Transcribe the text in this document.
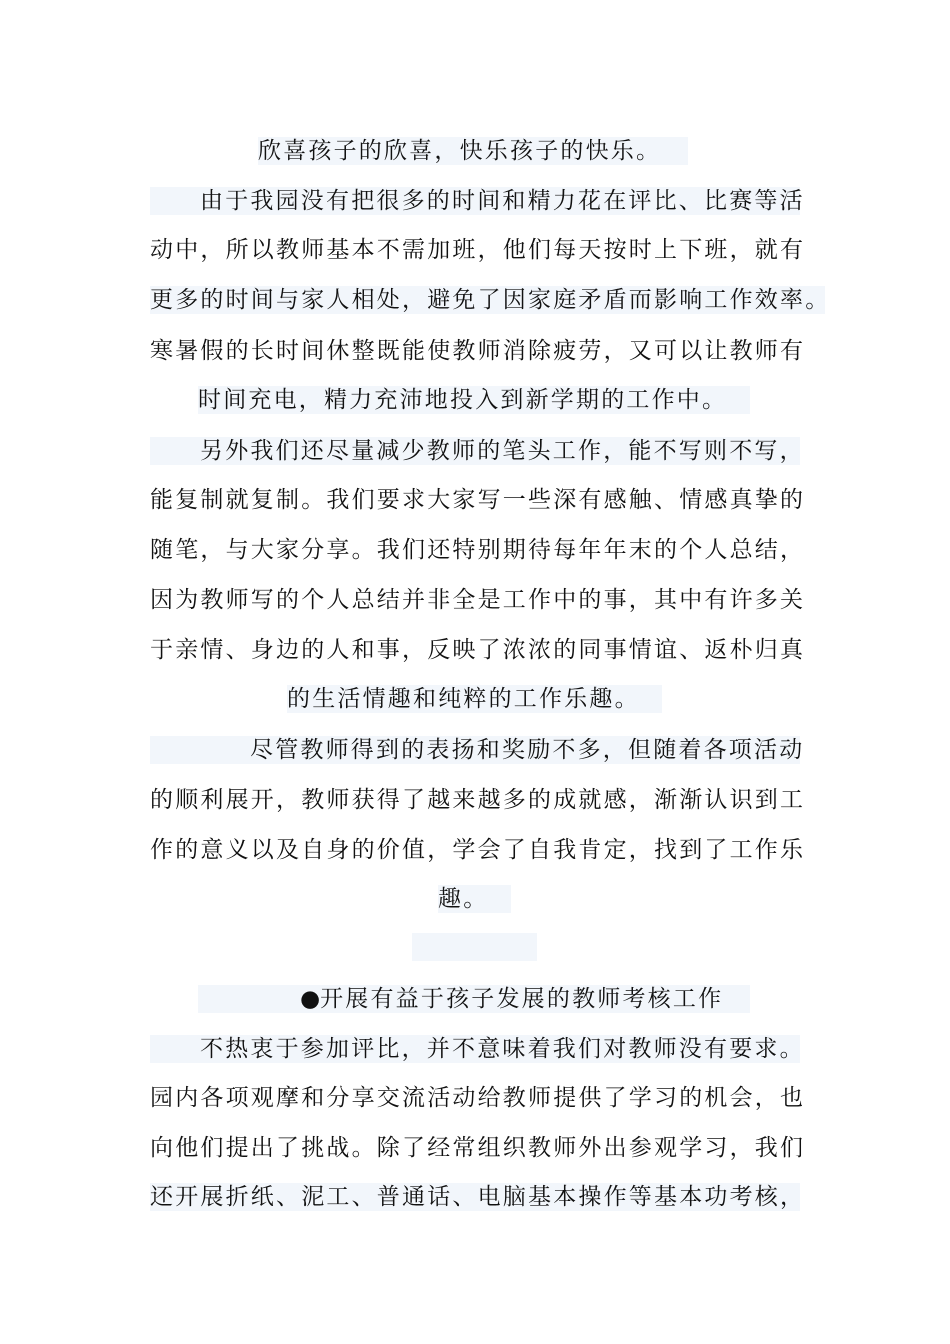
欣喜孩子的欣喜，快乐孩子的快乐。
由于我园没有把很多的时间和精力花在评比、比赛等活
动中，所以教师基本不需加班，他们每天按时上下班，就有
更多的时间与家人相处，避免了因家庭矛盾而影响工作效率。
寒暑假的长时间休整既能使教师消除疲劳，又可以让教师有
时间充电，精力充沛地投入到新学期的工作中。
另外我们还尽量减少教师的笔头工作，能不写则不写，
能复制就复制。我们要求大家写一些深有感触、情感真挚的
随笔，与大家分享。我们还特别期待每年年末的个人总结，
因为教师写的个人总结并非全是工作中的事，其中有许多关
于亲情、身边的人和事，反映了浓浓的同事情谊、返朴归真
的生活情趣和纯粹的工作乐趣。
尽管教师得到的表扬和奖励不多，但随着各项活动
的顺利展开，教师获得了越来越多的成就感，渐渐认识到工
作的意义以及自身的价值，学会了自我肯定，找到了工作乐
趣。
●开展有益于孩子发展的教师考核工作
不热衷于参加评比，并不意味着我们对教师没有要求。
园内各项观摩和分享交流活动给教师提供了学习的机会，也
向他们提出了挑战。除了经常组织教师外出参观学习，我们
还开展折纸、泥工、普通话、电脑基本操作等基本功考核，
